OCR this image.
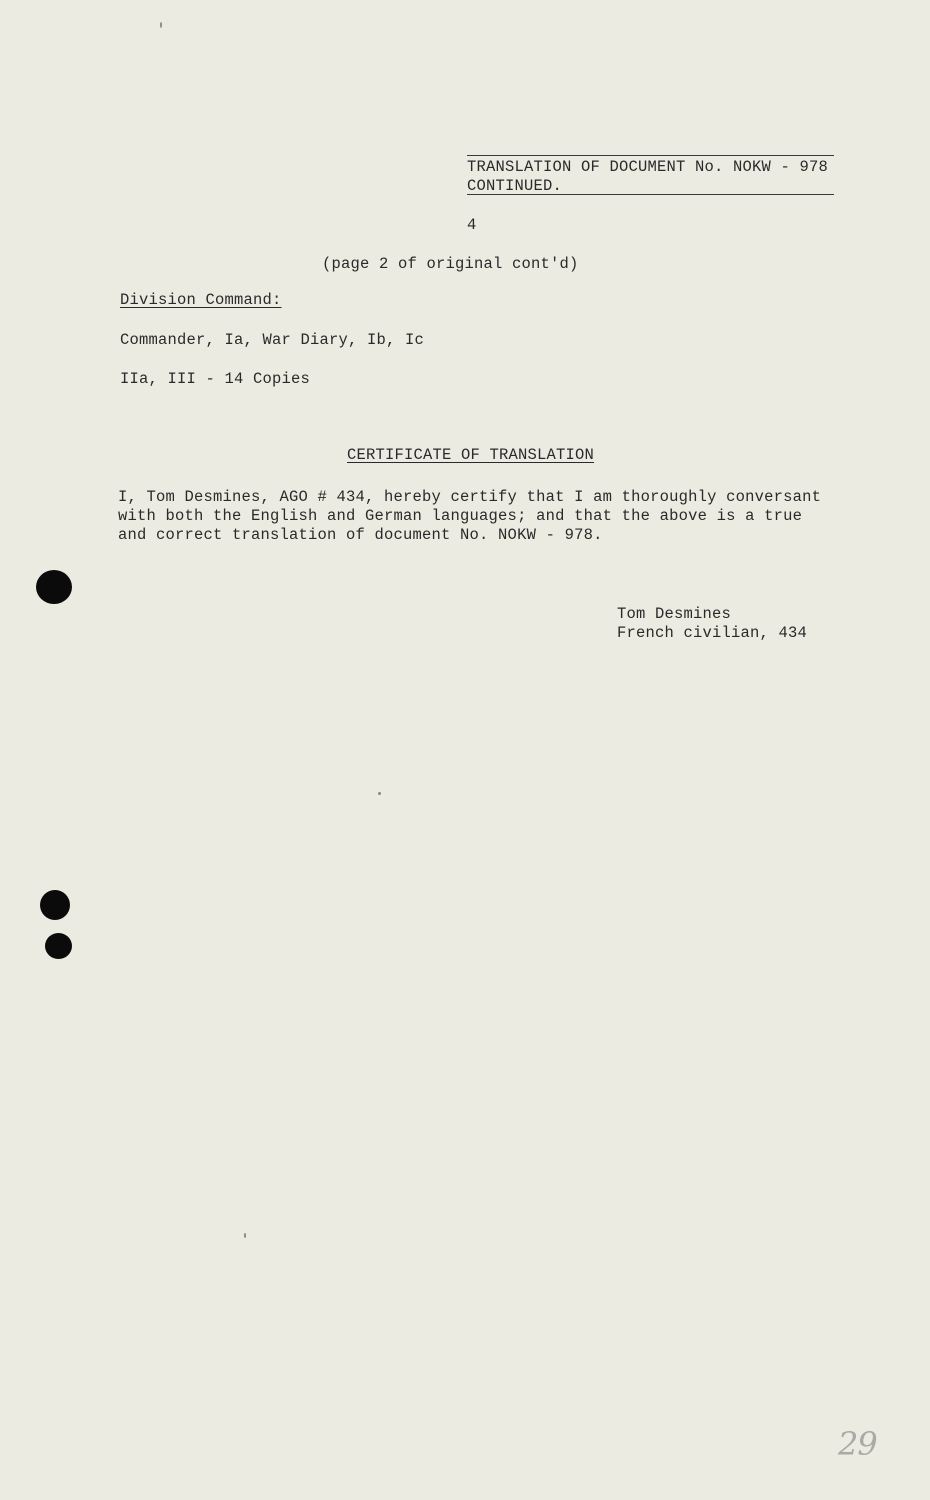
TRANSLATION OF DOCUMENT No. NOKW - 978
CONTINUED.
4
(page 2 of original cont'd)
Division Command:
Commander, Ia, War Diary, Ib, Ic
IIa, III - 14 Copies
CERTIFICATE OF TRANSLATION
I, Tom Desmines, AGO # 434, hereby certify that I am thoroughly conversant
with both the English and German languages; and that the above is a true
and correct translation of document No. NOKW - 978.
Tom Desmines
French civilian, 434
29
